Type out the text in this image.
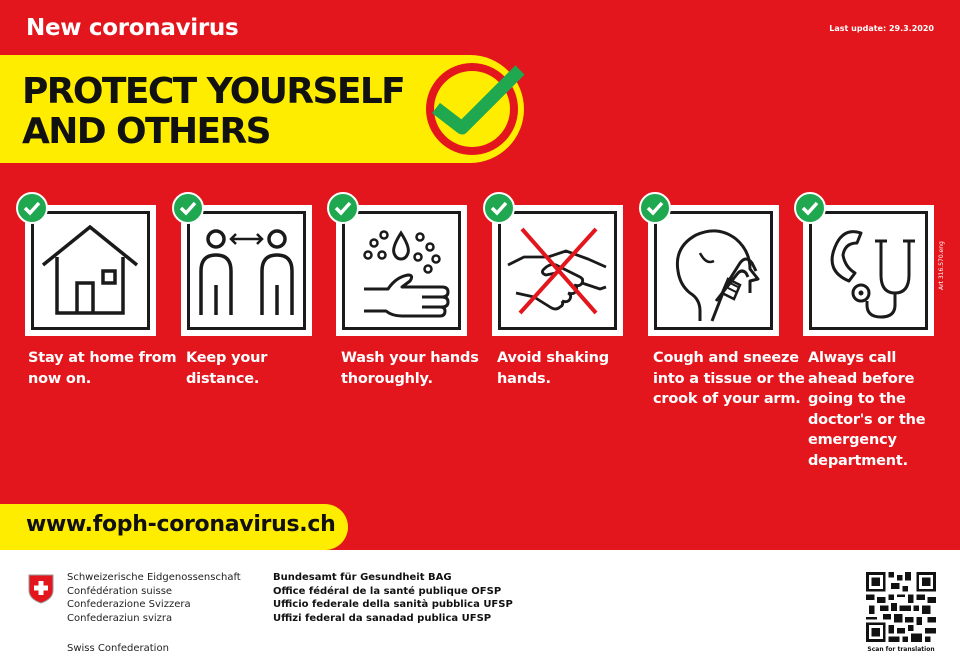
New coronavirus	Last update: 29.3.2020
PROTECT YOURSELF
AND OTHERS
Stay at home from now on.
Keep your distance.
Wash your hands thoroughly.
Avoid shaking hands.
Cough and sneeze into a tissue or the crook of your arm.
Always call ahead before going to the doctor's or the emergency department.
Art 316.570.eng
www.foph-coronavirus.ch
Schweizerische Eidgenossenschaft
Confédération suisse
Confederazione Svizzera
Confederaziun svizra
Swiss Confederation
Bundesamt für Gesundheit BAG
Office fédéral de la santé publique OFSP
Ufficio federale della sanità pubblica UFSP
Uffizi federal da sanadad publica UFSP
Scan for translation
